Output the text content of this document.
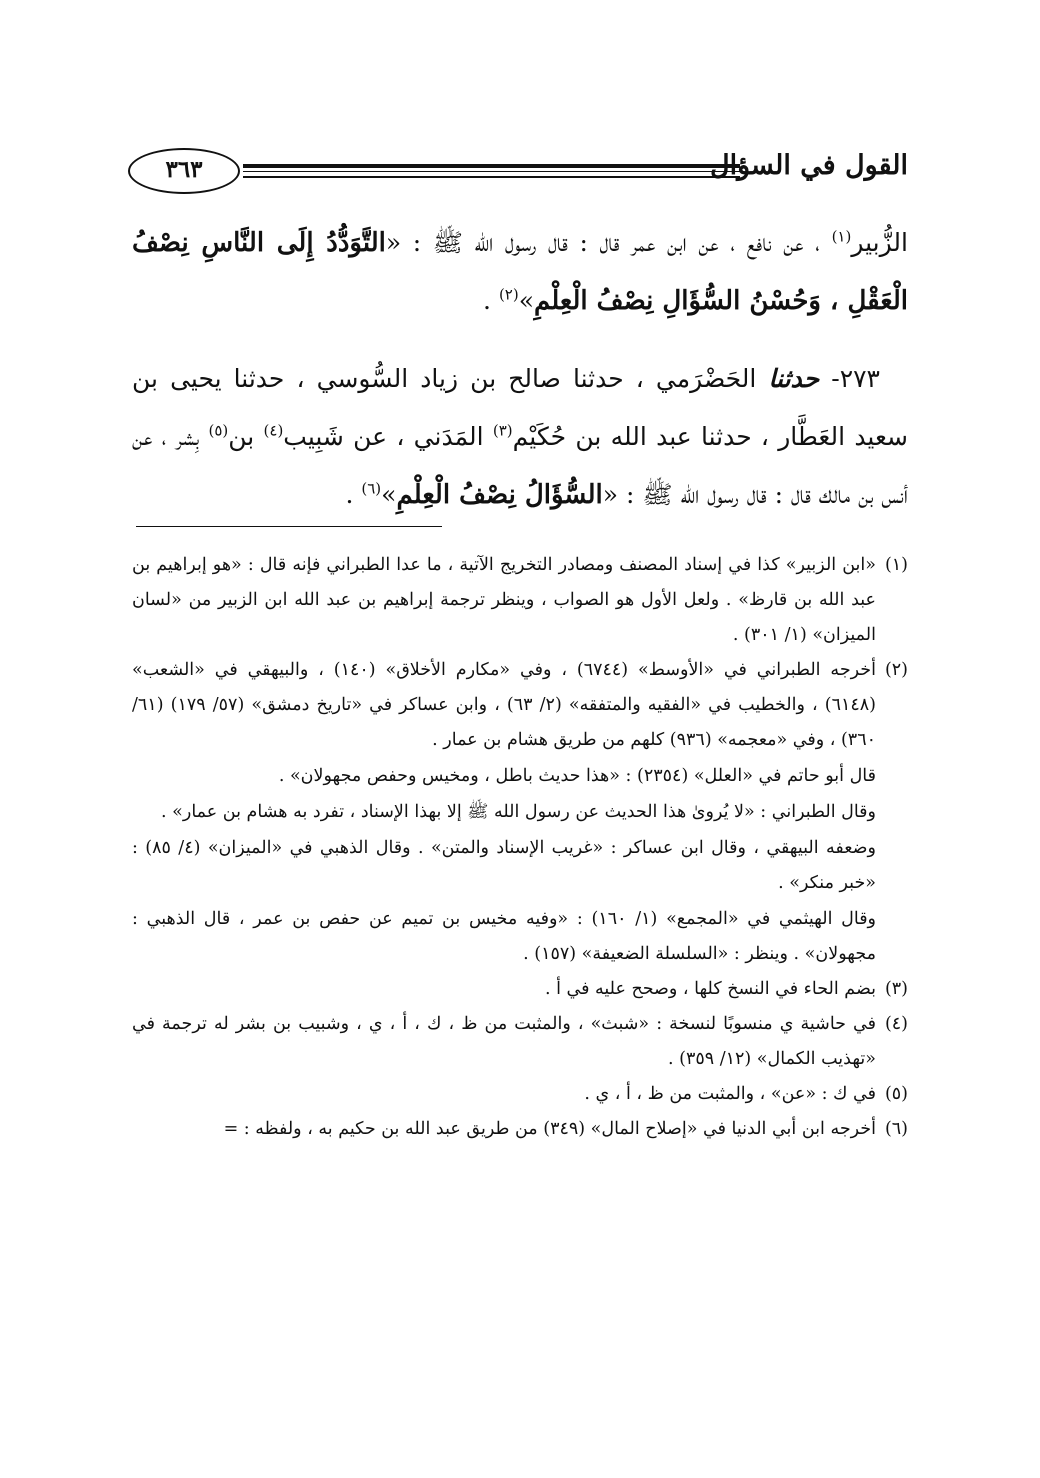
القول في السؤال
٣٦٣

الزُّبير$^{(١)}$ ، عن نافع ، عن ابن عمر قال : قال رسول الله ﷺ : «التَّوَدُّدُ إِلَى النَّاسِ نِصْفُ الْعَقْلِ ، وَحُسْنُ السُّؤَالِ نِصْفُ الْعِلْمِ»$^{(٢)}$ .

٢٧٣- حدثنا الحَضْرَمي ، حدثنا صالح بن زياد السُّوسي ، حدثنا يحيى بن سعيد العَطَّار ، حدثنا عبد الله بن حُكَيْم$^{(٣)}$ المَدَني ، عن شَبِيب$^{(٤)}$ بن$^{(٥)}$ بِشر ، عن أنس بن مالك قال : قال رسول الله ﷺ : «السُّؤَالُ نِصْفُ الْعِلْمِ»$^{(٦)}$ .

(١)
«ابن الزبير» كذا في إسناد المصنف ومصادر التخريج الآتية ، ما عدا الطبراني فإنه قال : «هو إبراهيم بن عبد الله بن قارظ» . ولعل الأول هو الصواب ، وينظر ترجمة إبراهيم بن عبد الله ابن الزبير من «لسان الميزان» (١/ ٣٠١) .
(٢)
أخرجه الطبراني في «الأوسط» (٦٧٤٤) ، وفي «مكارم الأخلاق» (١٤٠) ، والبيهقي في «الشعب» (٦١٤٨) ، والخطيب في «الفقيه والمتفقه» (٢/ ٦٣) ، وابن عساكر في «تاريخ دمشق» (٥٧/ ١٧٩) (٦١/ ٣٦٠) ، وفي «معجمه» (٩٣٦) كلهم من طريق هشام بن عمار .
قال أبو حاتم في «العلل» (٢٣٥٤) : «هذا حديث باطل ، ومخيس وحفص مجهولان» .
وقال الطبراني : «لا يُروىٰ هذا الحديث عن رسول الله ﷺ إلا بهذا الإسناد ، تفرد به هشام بن عمار» .
وضعفه البيهقي ، وقال ابن عساكر : «غريب الإسناد والمتن» . وقال الذهبي في «الميزان» (٤/ ٨٥) : «خبر منكر» .
وقال الهيثمي في «المجمع» (١/ ١٦٠) : «وفيه مخيس بن تميم عن حفص بن عمر ، قال الذهبي : مجهولان» . وينظر : «السلسلة الضعيفة» (١٥٧) .
(٣)
بضم الحاء في النسخ كلها ، وصحح عليه في أ .
(٤)
في حاشية ي منسوبًا لنسخة : «شبث» ، والمثبت من ظ ، ك ، أ ، ي ، وشبيب بن بشر له ترجمة في «تهذيب الكمال» (١٢/ ٣٥٩) .
(٥)
في ك : «عن» ، والمثبت من ظ ، أ ، ي .
(٦)
أخرجه ابن أبي الدنيا في «إصلاح المال» (٣٤٩) من طريق عبد الله بن حكيم به ، ولفظه : =
